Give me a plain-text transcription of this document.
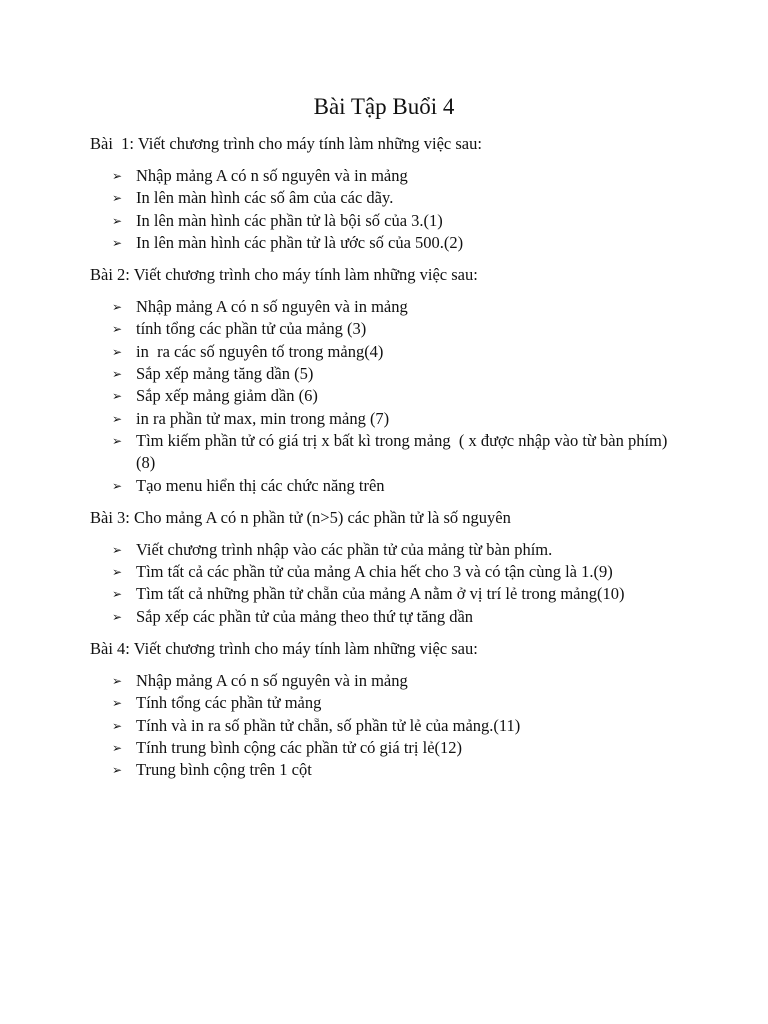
Bài Tập Buổi 4

Bài  1: Viết chương trình cho máy tính làm những việc sau:

➢ Nhập mảng A có n số nguyên và in mảng
➢ In lên màn hình các số âm của các dãy.
➢ In lên màn hình các phần tử là bội số của 3.(1)
➢ In lên màn hình các phần tử là ước số của 500.(2)

Bài 2: Viết chương trình cho máy tính làm những việc sau:

➢ Nhập mảng A có n số nguyên và in mảng
➢ tính tổng các phần tử của mảng (3)
➢ in  ra các số nguyên tố trong mảng(4)
➢ Sắp xếp mảng tăng dần (5)
➢ Sắp xếp mảng giảm dần (6)
➢ in ra phần tử max, min trong mảng (7)
➢ Tìm kiếm phần tử có giá trị x bất kì trong mảng  ( x được nhập vào từ bàn phím) (8)
➢ Tạo menu hiển thị các chức năng trên

Bài 3: Cho mảng A có n phần tử (n>5) các phần tử là số nguyên

➢ Viết chương trình nhập vào các phần tử của mảng từ bàn phím.
➢ Tìm tất cả các phần tử của mảng A chia hết cho 3 và có tận cùng là 1.(9)
➢ Tìm tất cả những phần tử chẵn của mảng A nằm ở vị trí lẻ trong mảng(10)
➢ Sắp xếp các phần tử của mảng theo thứ tự tăng dần

Bài 4: Viết chương trình cho máy tính làm những việc sau:

➢ Nhập mảng A có n số nguyên và in mảng
➢ Tính tổng các phần tử mảng
➢ Tính và in ra số phần tử chẵn, số phần tử lẻ của mảng.(11)
➢ Tính trung bình cộng các phần tử có giá trị lẻ(12)
➢ Trung bình cộng trên 1 cột
